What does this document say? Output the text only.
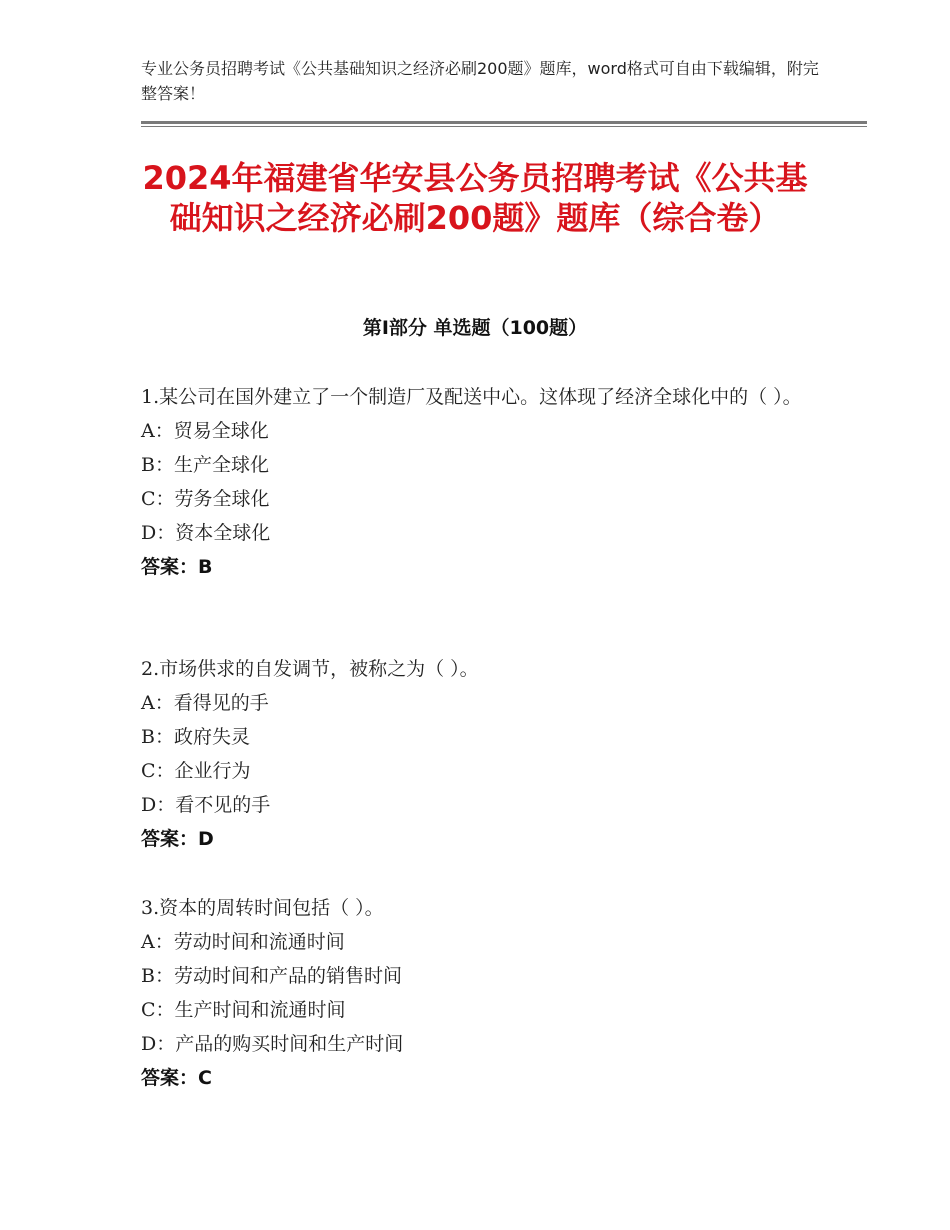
专业公务员招聘考试《公共基础知识之经济必刷200题》题库，word格式可自由下载编辑，附完整答案！
2024年福建省华安县公务员招聘考试《公共基础知识之经济必刷200题》题库（综合卷）
第Ⅰ部分 单选题（100题）

1.某公司在国外建立了一个制造厂及配送中心。这体现了经济全球化中的（ ）。

A：贸易全球化

B：生产全球化

C：劳务全球化

D：资本全球化

答案：B

2.市场供求的自发调节，被称之为（ ）。

A：看得见的手

B：政府失灵

C：企业行为

D：看不见的手

答案：D

3.资本的周转时间包括（ ）。

A：劳动时间和流通时间

B：劳动时间和产品的销售时间

C：生产时间和流通时间

D：产品的购买时间和生产时间

答案：C
